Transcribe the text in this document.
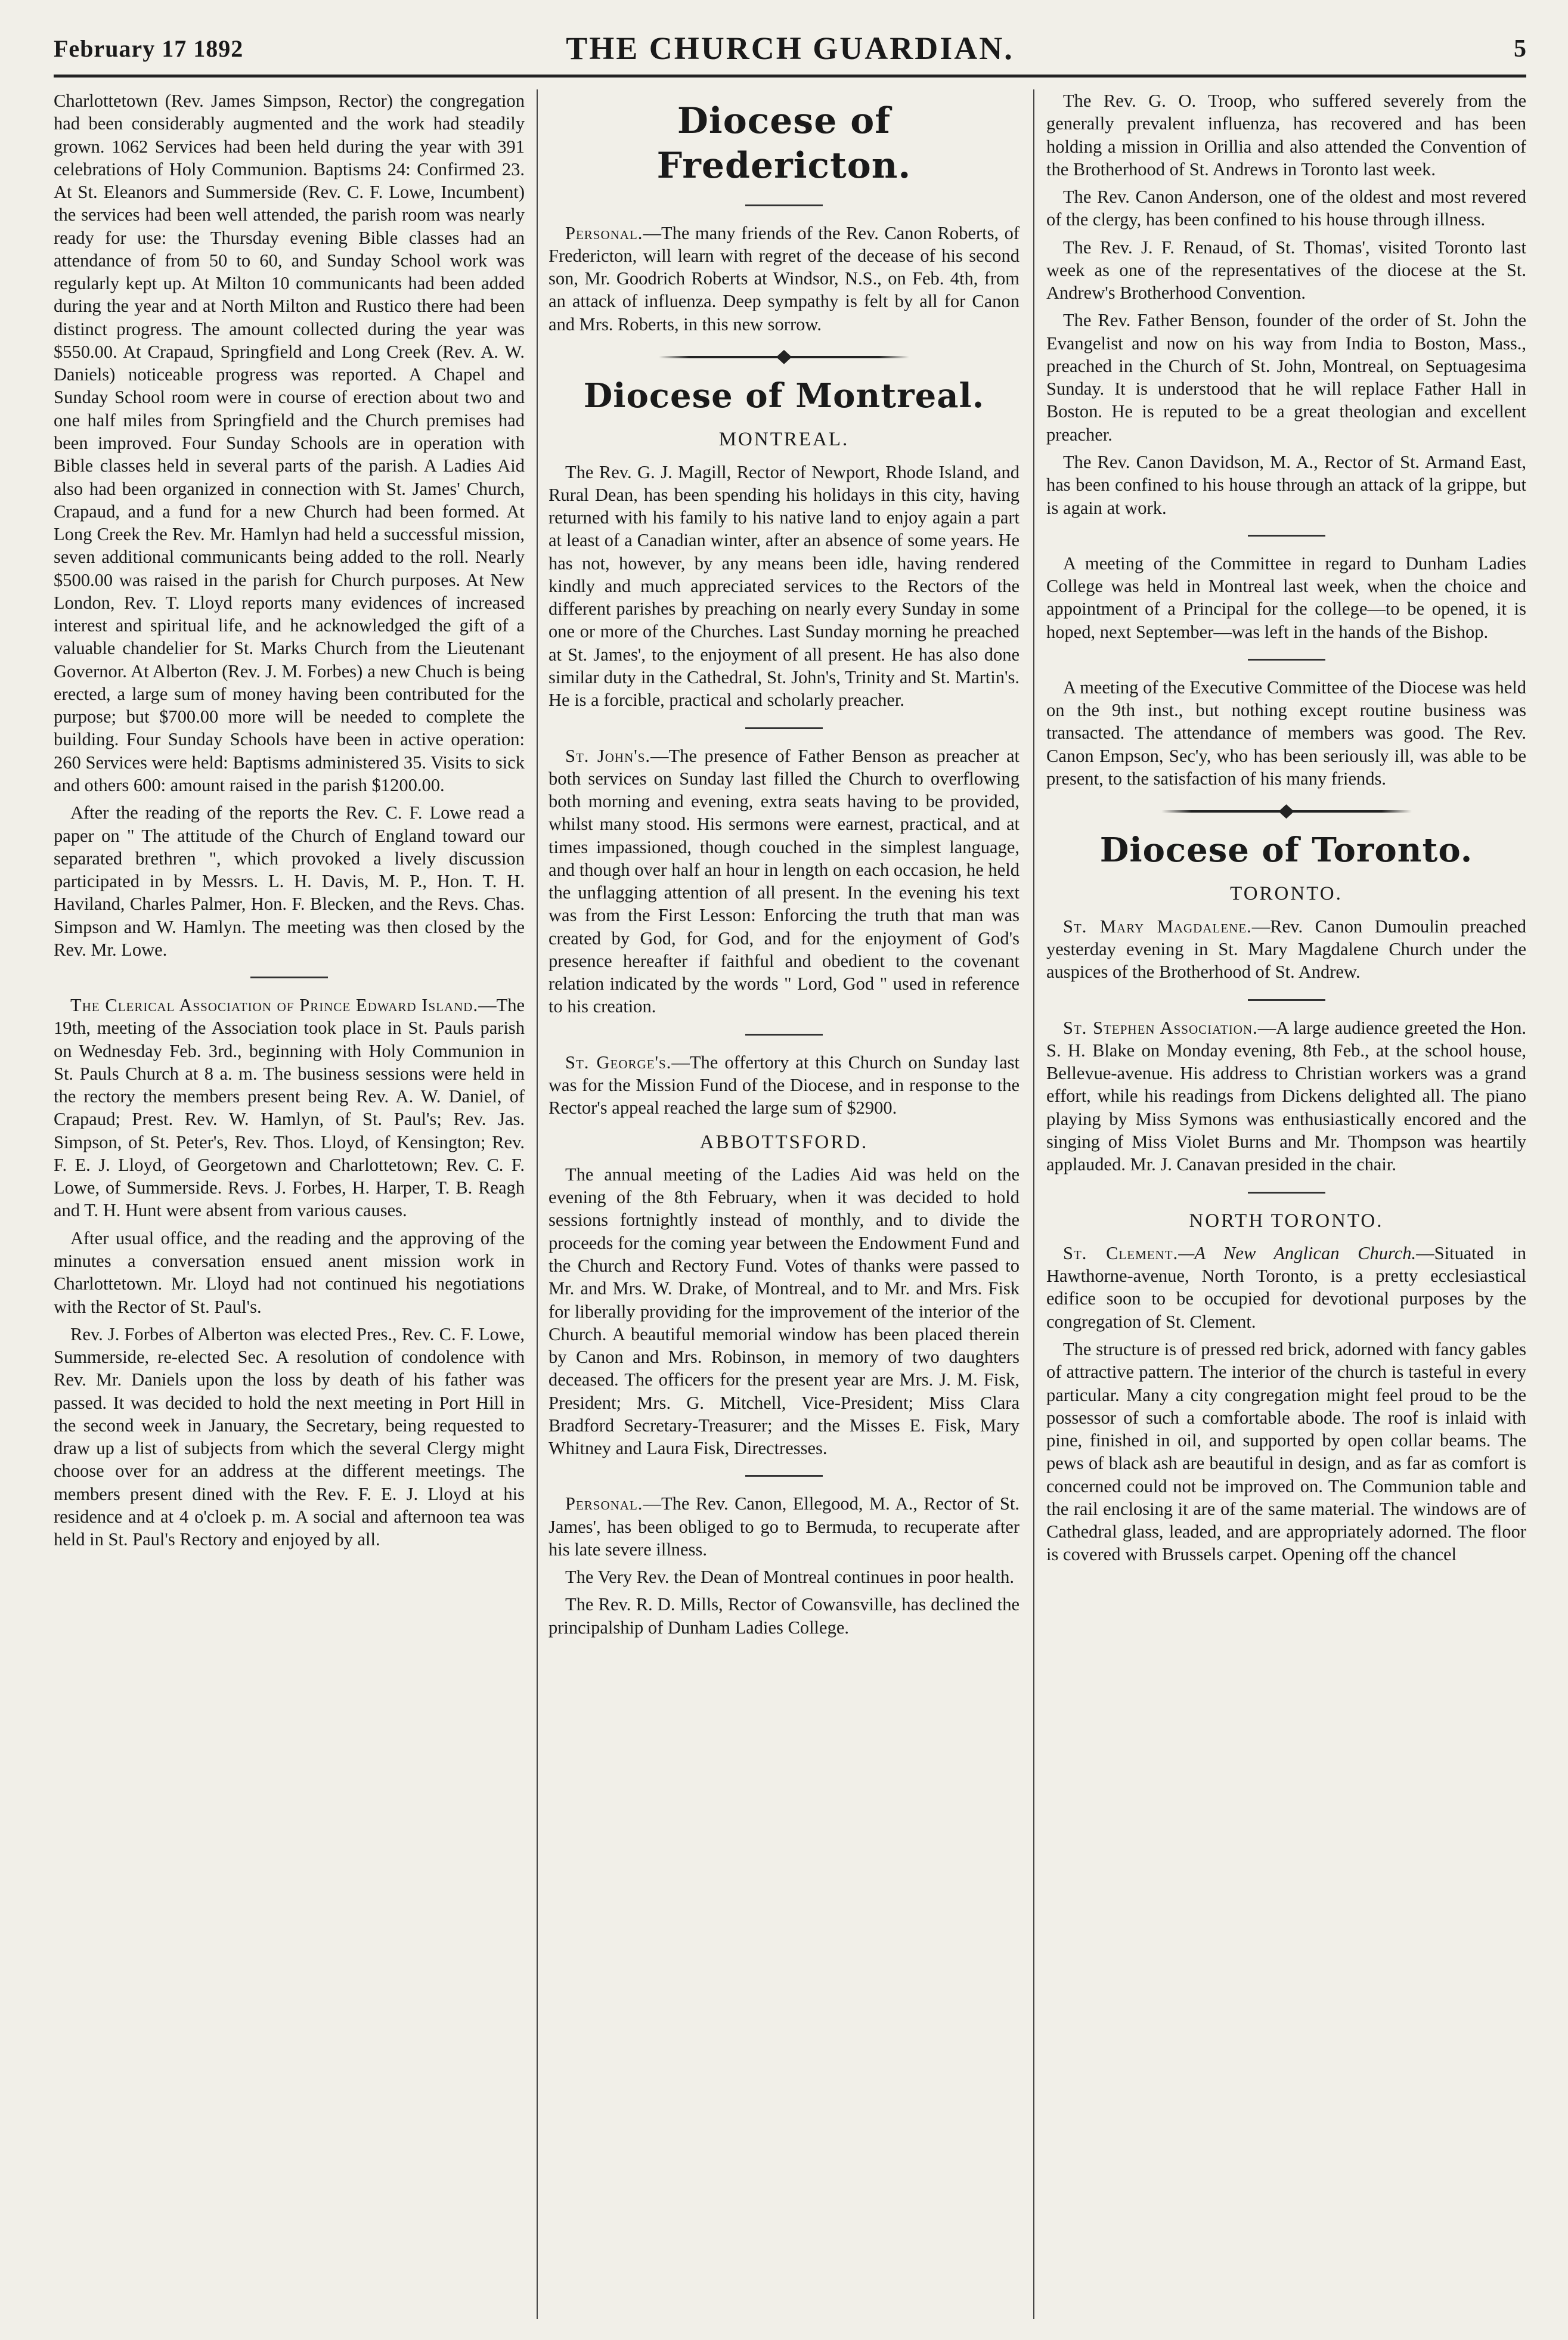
February 17 1892	THE CHURCH GUARDIAN.	5

Charlottetown (Rev. James Simpson, Rector) the congregation had been considerably augmented and the work had steadily grown. 1062 Services had been held during the year with 391 celebrations of Holy Communion. Baptisms 24: Confirmed 23. At St. Eleanors and Summerside (Rev. C. F. Lowe, Incumbent) the services had been well attended, the parish room was nearly ready for use: the Thursday evening Bible classes had an attendance of from 50 to 60, and Sunday School work was regularly kept up. At Milton 10 communicants had been added during the year and at North Milton and Rustico there had been distinct progress. The amount collected during the year was $550.00. At Crapaud, Springfield and Long Creek (Rev. A. W. Daniels) noticeable progress was reported. A Chapel and Sunday School room were in course of erection about two and one half miles from Springfield and the Church premises had been improved. Four Sunday Schools are in operation with Bible classes held in several parts of the parish. A Ladies Aid also had been organized in connection with St. James' Church, Crapaud, and a fund for a new Church had been formed. At Long Creek the Rev. Mr. Hamlyn had held a successful mission, seven additional communicants being added to the roll. Nearly $500.00 was raised in the parish for Church purposes. At New London, Rev. T. Lloyd reports many evidences of increased interest and spiritual life, and he acknowledged the gift of a valuable chandelier for St. Marks Church from the Lieutenant Governor. At Alberton (Rev. J. M. Forbes) a new Chuch is being erected, a large sum of money having been contributed for the purpose; but $700.00 more will be needed to complete the building. Four Sunday Schools have been in active operation: 260 Services were held: Baptisms administered 35. Visits to sick and others 600: amount raised in the parish $1200.00.

After the reading of the reports the Rev. C. F. Lowe read a paper on " The attitude of the Church of England toward our separated brethren ", which provoked a lively discussion participated in by Messrs. L. H. Davis, M. P., Hon. T. H. Haviland, Charles Palmer, Hon. F. Blecken, and the Revs. Chas. Simpson and W. Hamlyn. The meeting was then closed by the Rev. Mr. Lowe.

The Clerical Association of Prince Edward Island.—The 19th, meeting of the Association took place in St. Pauls parish on Wednesday Feb. 3rd., beginning with Holy Communion in St. Pauls Church at 8 a. m. The business sessions were held in the rectory the members present being Rev. A. W. Daniel, of Crapaud; Prest. Rev. W. Hamlyn, of St. Paul's; Rev. Jas. Simpson, of St. Peter's, Rev. Thos. Lloyd, of Kensington; Rev. F. E. J. Lloyd, of Georgetown and Charlottetown; Rev. C. F. Lowe, of Summerside. Revs. J. Forbes, H. Harper, T. B. Reagh and T. H. Hunt were absent from various causes.

After usual office, and the reading and the approving of the minutes a conversation ensued anent mission work in Charlottetown. Mr. Lloyd had not continued his negotiations with the Rector of St. Paul's.

Rev. J. Forbes of Alberton was elected Pres., Rev. C. F. Lowe, Summerside, re-elected Sec. A resolution of condolence with Rev. Mr. Daniels upon the loss by death of his father was passed. It was decided to hold the next meeting in Port Hill in the second week in January, the Secretary, being requested to draw up a list of subjects from which the several Clergy might choose over for an address at the different meetings. The members present dined with the Rev. F. E. J. Lloyd at his residence and at 4 o'cloek p. m. A social and afternoon tea was held in St. Paul's Rectory and enjoyed by all.

Diocese of Fredericton.

Personal.—The many friends of the Rev. Canon Roberts, of Fredericton, will learn with regret of the decease of his second son, Mr. Goodrich Roberts at Windsor, N.S., on Feb. 4th, from an attack of influenza. Deep sympathy is felt by all for Canon and Mrs. Roberts, in this new sorrow.

Diocese of Montreal.
MONTREAL.

The Rev. G. J. Magill, Rector of Newport, Rhode Island, and Rural Dean, has been spending his holidays in this city, having returned with his family to his native land to enjoy again a part at least of a Canadian winter, after an absence of some years. He has not, however, by any means been idle, having rendered kindly and much appreciated services to the Rectors of the different parishes by preaching on nearly every Sunday in some one or more of the Churches. Last Sunday morning he preached at St. James', to the enjoyment of all present. He has also done similar duty in the Cathedral, St. John's, Trinity and St. Martin's. He is a forcible, practical and scholarly preacher.

St. John's.—The presence of Father Benson as preacher at both services on Sunday last filled the Church to overflowing both morning and evening, extra seats having to be provided, whilst many stood. His sermons were earnest, practical, and at times impassioned, though couched in the simplest language, and though over half an hour in length on each occasion, he held the unflagging attention of all present. In the evening his text was from the First Lesson: Enforcing the truth that man was created by God, for God, and for the enjoyment of God's presence hereafter if faithful and obedient to the covenant relation indicated by the words " Lord, God " used in reference to his creation.

St. George's.—The offertory at this Church on Sunday last was for the Mission Fund of the Diocese, and in response to the Rector's appeal reached the large sum of $2900.

ABBOTTSFORD.

The annual meeting of the Ladies Aid was held on the evening of the 8th February, when it was decided to hold sessions fortnightly instead of monthly, and to divide the proceeds for the coming year between the Endowment Fund and the Church and Rectory Fund. Votes of thanks were passed to Mr. and Mrs. W. Drake, of Montreal, and to Mr. and Mrs. Fisk for liberally providing for the improvement of the interior of the Church. A beautiful memorial window has been placed therein by Canon and Mrs. Robinson, in memory of two daughters deceased. The officers for the present year are Mrs. J. M. Fisk, President; Mrs. G. Mitchell, Vice-President; Miss Clara Bradford Secretary-Treasurer; and the Misses E. Fisk, Mary Whitney and Laura Fisk, Directresses.

Personal.—The Rev. Canon, Ellegood, M. A., Rector of St. James', has been obliged to go to Bermuda, to recuperate after his late severe illness.

The Very Rev. the Dean of Montreal continues in poor health.

The Rev. R. D. Mills, Rector of Cowansville, has declined the principalship of Dunham Ladies College.

The Rev. G. O. Troop, who suffered severely from the generally prevalent influenza, has recovered and has been holding a mission in Orillia and also attended the Convention of the Brotherhood of St. Andrews in Toronto last week.

The Rev. Canon Anderson, one of the oldest and most revered of the clergy, has been confined to his house through illness.

The Rev. J. F. Renaud, of St. Thomas', visited Toronto last week as one of the representatives of the diocese at the St. Andrew's Brotherhood Convention.

The Rev. Father Benson, founder of the order of St. John the Evangelist and now on his way from India to Boston, Mass., preached in the Church of St. John, Montreal, on Septuagesima Sunday. It is understood that he will replace Father Hall in Boston. He is reputed to be a great theologian and excellent preacher.

The Rev. Canon Davidson, M. A., Rector of St. Armand East, has been confined to his house through an attack of la grippe, but is again at work.

A meeting of the Committee in regard to Dunham Ladies College was held in Montreal last week, when the choice and appointment of a Principal for the college—to be opened, it is hoped, next September—was left in the hands of the Bishop.

A meeting of the Executive Committee of the Diocese was held on the 9th inst., but nothing except routine business was transacted. The attendance of members was good. The Rev. Canon Empson, Sec'y, who has been seriously ill, was able to be present, to the satisfaction of his many friends.

Diocese of Toronto.
TORONTO.

St. Mary Magdalene.—Rev. Canon Dumoulin preached yesterday evening in St. Mary Magdalene Church under the auspices of the Brotherhood of St. Andrew.

St. Stephen Association.—A large audience greeted the Hon. S. H. Blake on Monday evening, 8th Feb., at the school house, Bellevue-avenue. His address to Christian workers was a grand effort, while his readings from Dickens delighted all. The piano playing by Miss Symons was enthusiastically encored and the singing of Miss Violet Burns and Mr. Thompson was heartily applauded. Mr. J. Canavan presided in the chair.

NORTH TORONTO.

St. Clement.—A New Anglican Church.—Situated in Hawthorne-avenue, North Toronto, is a pretty ecclesiastical edifice soon to be occupied for devotional purposes by the congregation of St. Clement.

The structure is of pressed red brick, adorned with fancy gables of attractive pattern. The interior of the church is tasteful in every particular. Many a city congregation might feel proud to be the possessor of such a comfortable abode. The roof is inlaid with pine, finished in oil, and supported by open collar beams. The pews of black ash are beautiful in design, and as far as comfort is concerned could not be improved on. The Communion table and the rail enclosing it are of the same material. The windows are of Cathedral glass, leaded, and are appropriately adorned. The floor is covered with Brussels carpet. Opening off the chancel
